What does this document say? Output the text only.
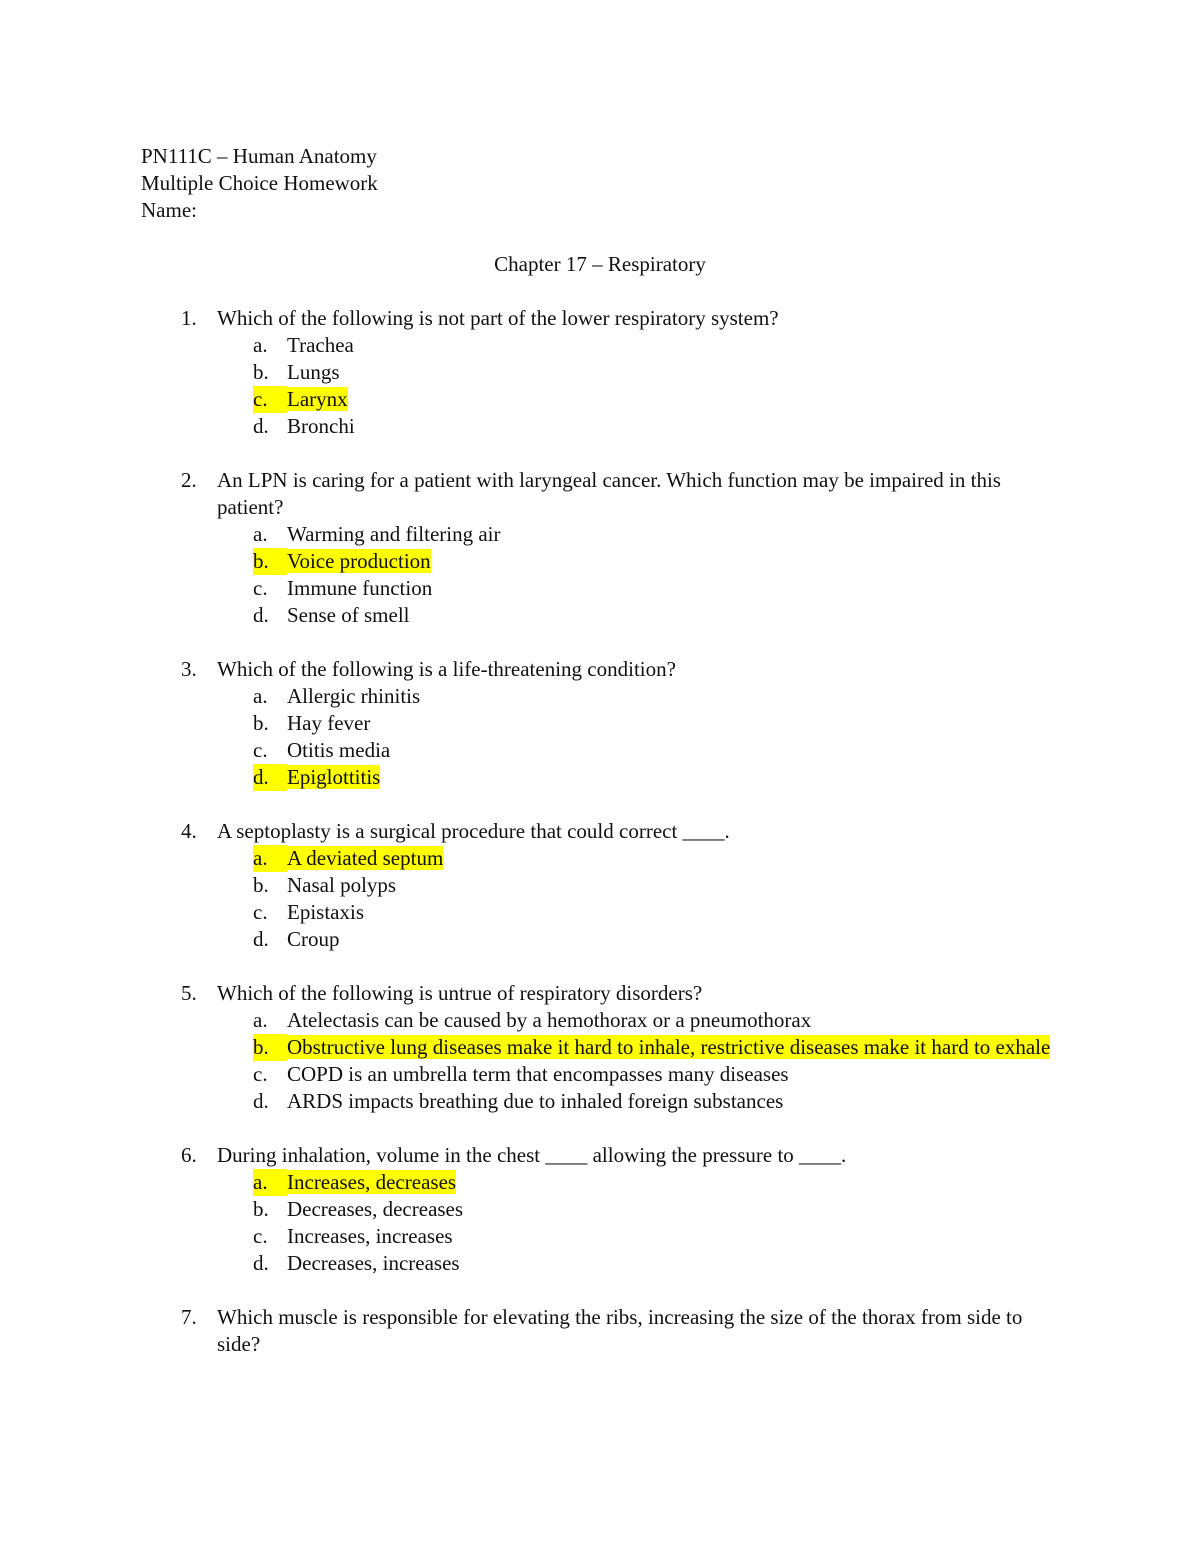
PN111C – Human Anatomy
Multiple Choice Homework
Name:
Chapter 17 – Respiratory
1. Which of the following is not part of the lower respiratory system?
a. Trachea
b. Lungs
c. Larynx
d. Bronchi
2. An LPN is caring for a patient with laryngeal cancer. Which function may be impaired in this patient?
a. Warming and filtering air
b. Voice production
c. Immune function
d. Sense of smell
3. Which of the following is a life-threatening condition?
a. Allergic rhinitis
b. Hay fever
c. Otitis media
d. Epiglottitis
4. A septoplasty is a surgical procedure that could correct ____.
a. A deviated septum
b. Nasal polyps
c. Epistaxis
d. Croup
5. Which of the following is untrue of respiratory disorders?
a. Atelectasis can be caused by a hemothorax or a pneumothorax
b. Obstructive lung diseases make it hard to inhale, restrictive diseases make it hard to exhale
c. COPD is an umbrella term that encompasses many diseases
d. ARDS impacts breathing due to inhaled foreign substances
6. During inhalation, volume in the chest ____ allowing the pressure to ____.
a. Increases, decreases
b. Decreases, decreases
c. Increases, increases
d. Decreases, increases
7. Which muscle is responsible for elevating the ribs, increasing the size of the thorax from side to side?
